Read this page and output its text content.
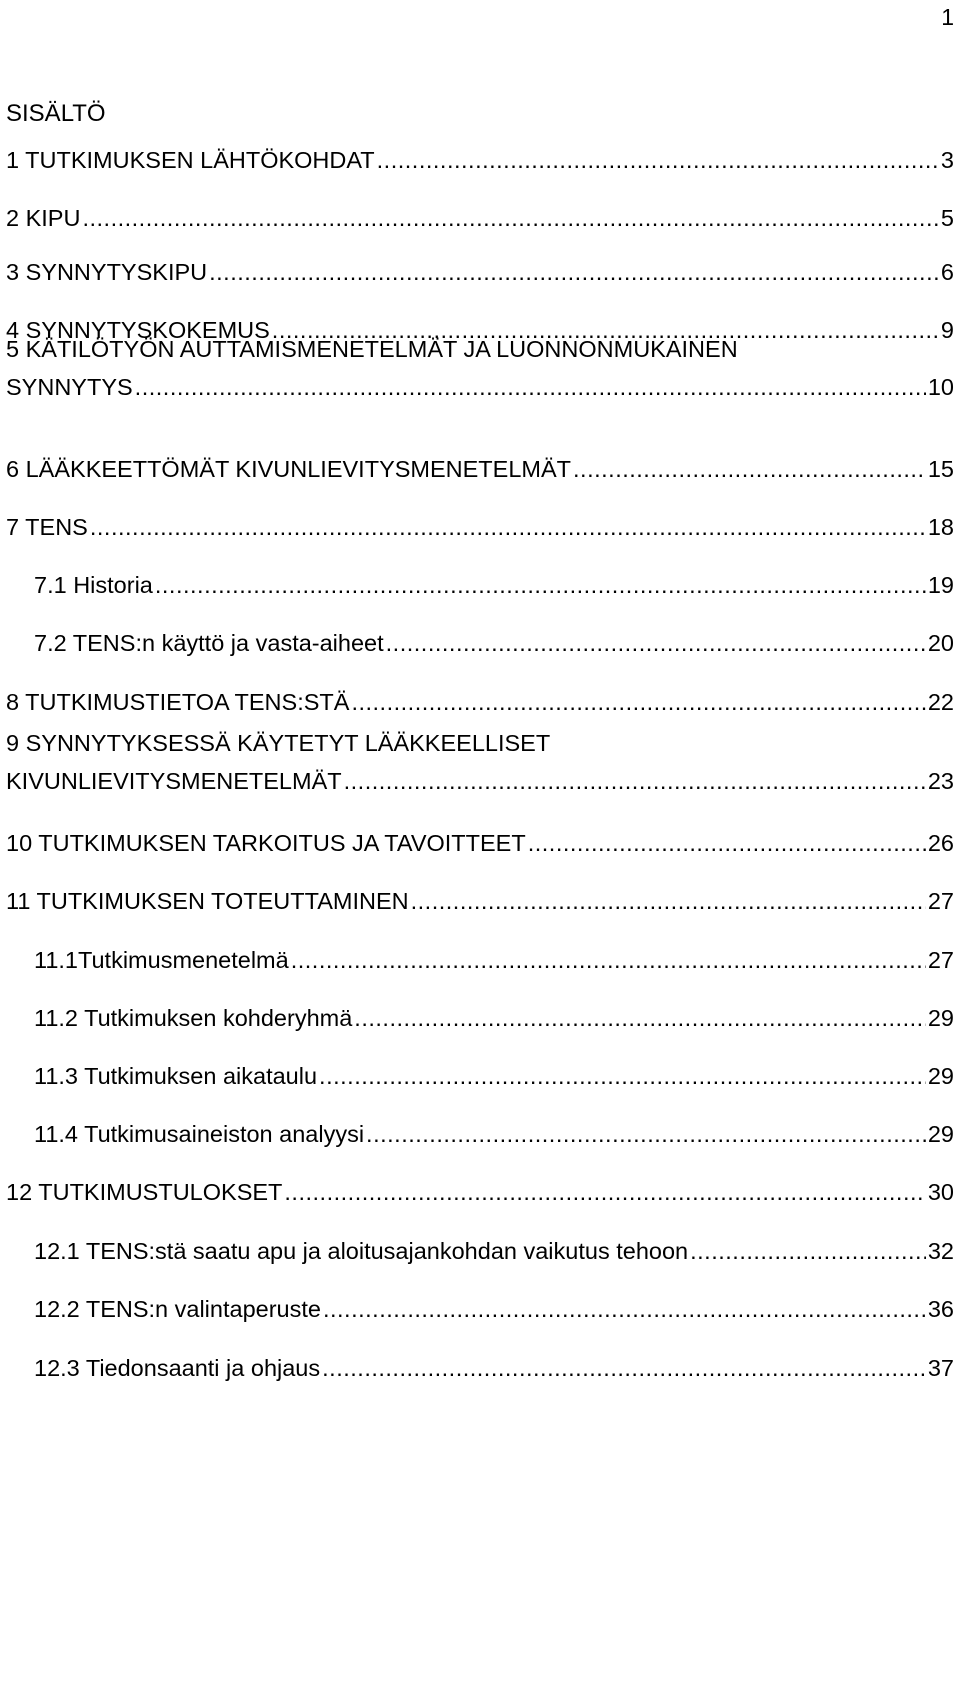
1
SISÄLTÖ
1 TUTKIMUKSEN LÄHTÖKOHDAT .....	3
2 KIPU .....	5
3 SYNNYTYSKIPU .....	6
4 SYNNYTYSKOKEMUS .....	9
5 KÄTILÖTYÖN AUTTAMISMENETELMÄT JA LUONNONMUKAINEN
SYNNYTYS .....	10
6 LÄÄKKEETTÖMÄT KIVUNLIEVITYSMENETELMÄT .....	15
7 TENS .....	18
7.1 Historia .....	19
7.2 TENS:n käyttö ja vasta-aiheet .....	20
8 TUTKIMUSTIETOA TENS:STÄ .....	22
9 SYNNYTYKSESSÄ KÄYTETYT LÄÄKKEELLISET
KIVUNLIEVITYSMENETELMÄT .....	23
10 TUTKIMUKSEN TARKOITUS JA TAVOITTEET .....	26
11 TUTKIMUKSEN TOTEUTTAMINEN .....	27
11.1Tutkimusmenetelmä .....	27
11.2 Tutkimuksen kohderyhmä .....	29
11.3 Tutkimuksen aikataulu .....	29
11.4 Tutkimusaineiston analyysi .....	29
12 TUTKIMUSTULOKSET .....	30
12.1 TENS:stä saatu apu ja aloitusajankohdan vaikutus tehoon .....	32
12.2 TENS:n valintaperuste .....	36
12.3 Tiedonsaanti ja ohjaus .....	37
